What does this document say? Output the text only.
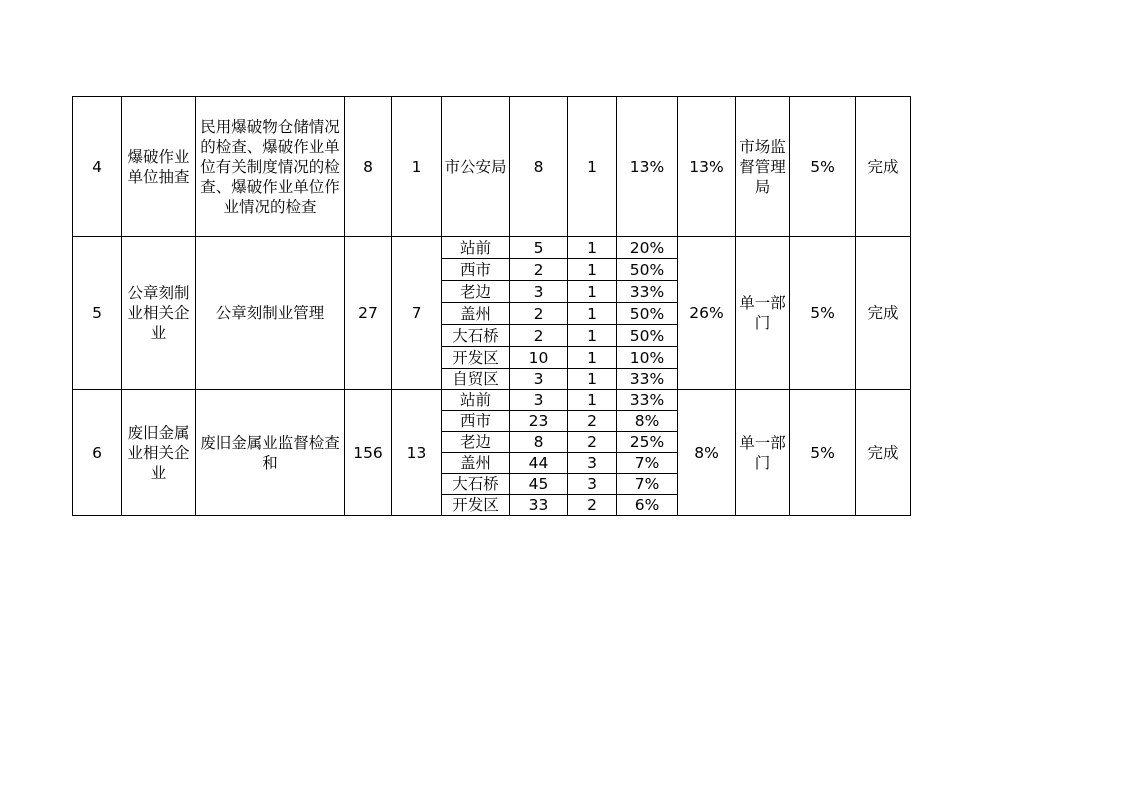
4	爆破作业单位抽查	民用爆破物仓储情况的检查、爆破作业单位有关制度情况的检查、爆破作业单位作业情况的检查	8	1	市公安局	8	1	13%	13%	市场监督管理局	5%	完成
5	公章刻制业相关企业	公章刻制业管理	27	7	站前	5	1	20%	26%	单一部门	5%	完成
					西市	2	1	50%				
					老边	3	1	33%				
					盖州	2	1	50%				
					大石桥	2	1	50%				
					开发区	10	1	10%				
					自贸区	3	1	33%				
6	废旧金属业相关企业	废旧金属业监督检查和	156	13	站前	3	1	33%	8%	单一部门	5%	完成
					西市	23	2	8%				
					老边	8	2	25%				
					盖州	44	3	7%				
					大石桥	45	3	7%				
					开发区	33	2	6%				
